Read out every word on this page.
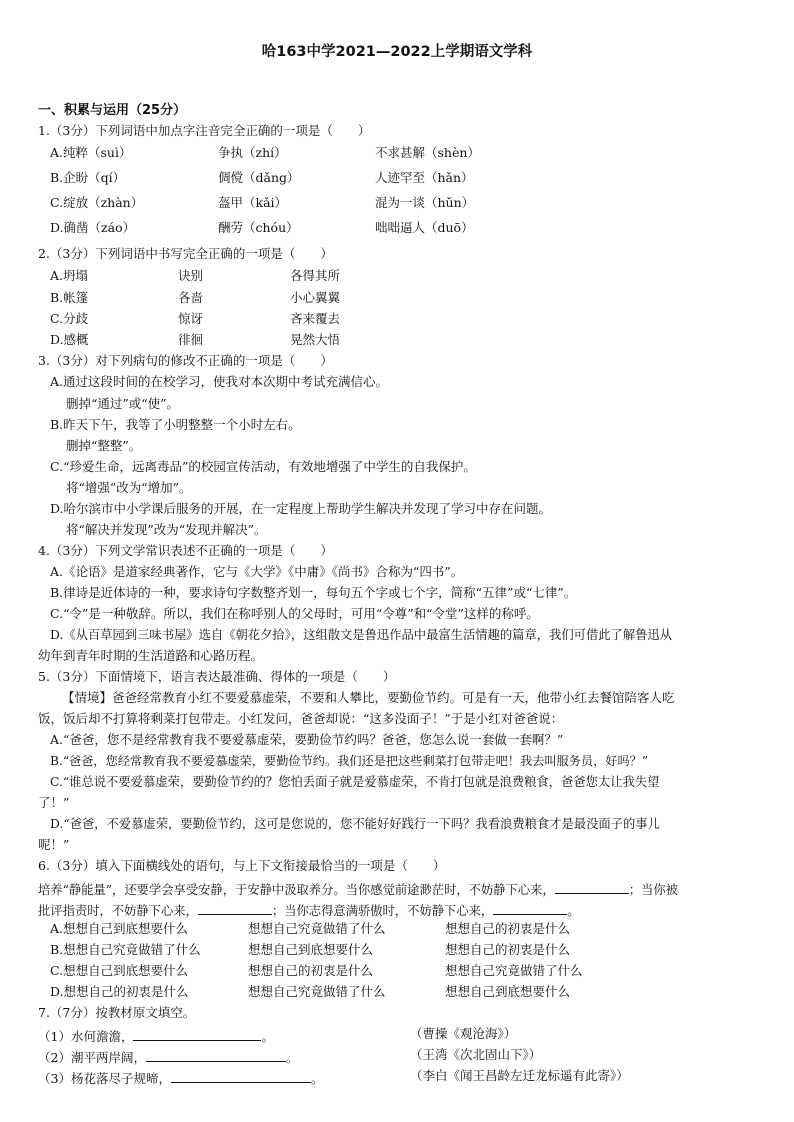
哈163中学2021—2022上学期语文学科
一、积累与运用（25分）
1.（3分）下列词语中加点字注音完全正确的一项是（　　）
A.纯粹（suì）	争执（zhí）	不求甚解（shèn）
B.企盼（qí）	倜傥（dǎng）	人迹罕至（hǎn）
C.绽放（zhàn）	盔甲（kǎi）	混为一谈（hǔn）
D.确凿（záo）	酬劳（chóu）	咄咄逼人（duō）
2.（3分）下列词语中书写完全正确的一项是（　　）
A.坍塌	诀别	各得其所
B.帐篷	各啬	小心翼翼
C.分歧	惊讶	吝来覆去
D.感概	徘徊	晃然大悟
3.（3分）对下列病句的修改不正确的一项是（　　）
A.通过这段时间的在校学习，使我对本次期中考试充满信心。
删掉“通过”或“使”。
B.昨天下午，我等了小明整整一个小时左右。
删掉“整整”。
C.“珍爱生命，远离毒品”的校园宣传活动，有效地增强了中学生的自我保护。
将“增强”改为“增加”。
D.哈尔滨市中小学课后服务的开展，在一定程度上帮助学生解决并发现了学习中存在问题。
将“解决并发现”改为“发现并解决”。
4.（3分）下列文学常识表述不正确的一项是（　　）
A.《论语》是道家经典著作，它与《大学》《中庸》《尚书》合称为“四书”。
B.律诗是近体诗的一种，要求诗句字数整齐划一，每句五个字或七个字，简称“五律”或“七律”。
C.“令”是一种敬辞。所以，我们在称呼别人的父母时，可用“令尊”和“令堂”这样的称呼。
D.《从百草园到三味书屋》选自《朝花夕拾》，这组散文是鲁迅作品中最富生活情趣的篇章，我们可借此了解鲁迅从
幼年到青年时期的生活道路和心路历程。
5.（3分）下面情境下，语言表达最准确、得体的一项是（　　）
【情境】爸爸经常教育小红不要爱慕虚荣，不要和人攀比，要勤俭节约。可是有一天，他带小红去餐馆陪客人吃
饭，饭后却不打算将剩菜打包带走。小红发问，爸爸却说：“这多没面子！”于是小红对爸爸说：
A.“爸爸，您不是经常教育我不要爱慕虚荣，要勤俭节约吗？爸爸，您怎么说一套做一套啊？”
B.“爸爸，您经常教育我不要爱慕虚荣，要勤俭节约。我们还是把这些剩菜打包带走吧！我去叫服务员，好吗？”
C.“谁总说不要爱慕虚荣，要勤俭节约的？您怕丢面子就是爱慕虚荣，不肯打包就是浪费粮食，爸爸您太让我失望
了！”
D.“爸爸，不爱慕虚荣，要勤俭节约，这可是您说的，您不能好好践行一下吗？我看浪费粮食才是最没面子的事儿
呢！”
6.（3分）填入下面横线处的语句，与上下文衔接最恰当的一项是（　　）
培养“静能量”，还要学会享受安静，于安静中汲取养分。当你感觉前途渺茫时，不妨静下心来，	；当你被
批评指责时，不妨静下心来，	；当你志得意满骄傲时，不妨静下心来，	。
A.想想自己到底想要什么	想想自己究竟做错了什么	想想自己的初衷是什么
B.想想自己究竟做错了什么	想想自己到底想要什么	想想自己的初衷是什么
C.想想自己到底想要什么	想想自己的初衷是什么	想想自己究竟做错了什么
D.想想自己的初衷是什么	想想自己究竟做错了什么	想想自己到底想要什么
7.（7分）按教材原文填空。
（1）水何澹澹，	。	（曹操《观沧海》）
（2）潮平两岸阔，	。	（王湾《次北固山下》）
（3）杨花落尽子规啼，	。	（李白《闻王昌龄左迁龙标遥有此寄》）
